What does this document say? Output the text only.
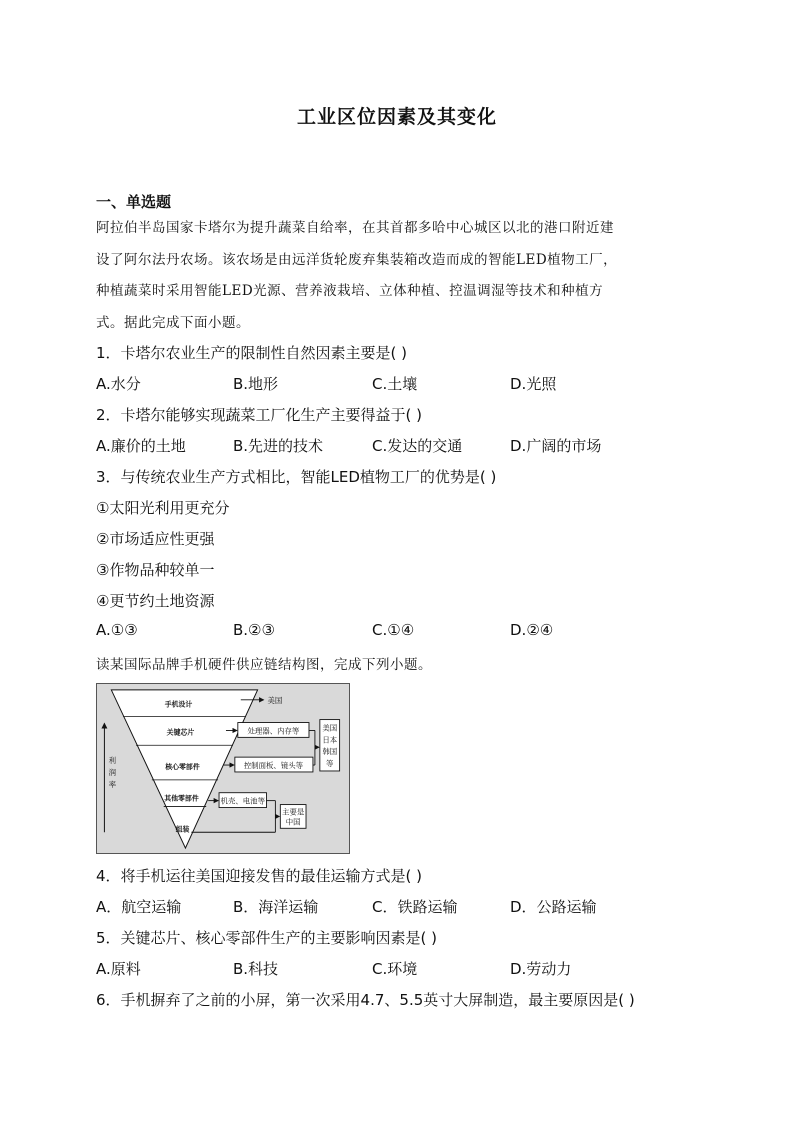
工业区位因素及其变化
一、单选题
阿拉伯半岛国家卡塔尔为提升蔬菜自给率，在其首都多哈中心城区以北的港口附近建
设了阿尔法丹农场。该农场是由远洋货轮废弃集装箱改造而成的智能LED植物工厂，
种植蔬菜时采用智能LED光源、营养液栽培、立体种植、控温调湿等技术和种植方
式。据此完成下面小题。
1．卡塔尔农业生产的限制性自然因素主要是( )
A.水分	B.地形	C.土壤	D.光照
2．卡塔尔能够实现蔬菜工厂化生产主要得益于( )
A.廉价的土地	B.先进的技术	C.发达的交通	D.广阔的市场
3．与传统农业生产方式相比，智能LED植物工厂的优势是( )
①太阳光利用更充分
②市场适应性更强
③作物品种较单一
④更节约土地资源
A.①③	B.②③	C.①④	D.②④
读某国际品牌手机硬件供应链结构图，完成下列小题。
手机设计
关键芯片
核心零部件
其他零部件
组装
美国
处理器、内存等
控制面板、镜头等
机壳、电池等
美国
日本
韩国
等
主要是
中国
利
润
率
4．将手机运往美国迎接发售的最佳运输方式是( )
A．航空运输	B．海洋运输	C．铁路运输	D．公路运输
5．关键芯片、核心零部件生产的主要影响因素是( )
A.原料	B.科技	C.环境	D.劳动力
6．手机摒弃了之前的小屏，第一次采用4.7、5.5英寸大屏制造，最主要原因是( )
